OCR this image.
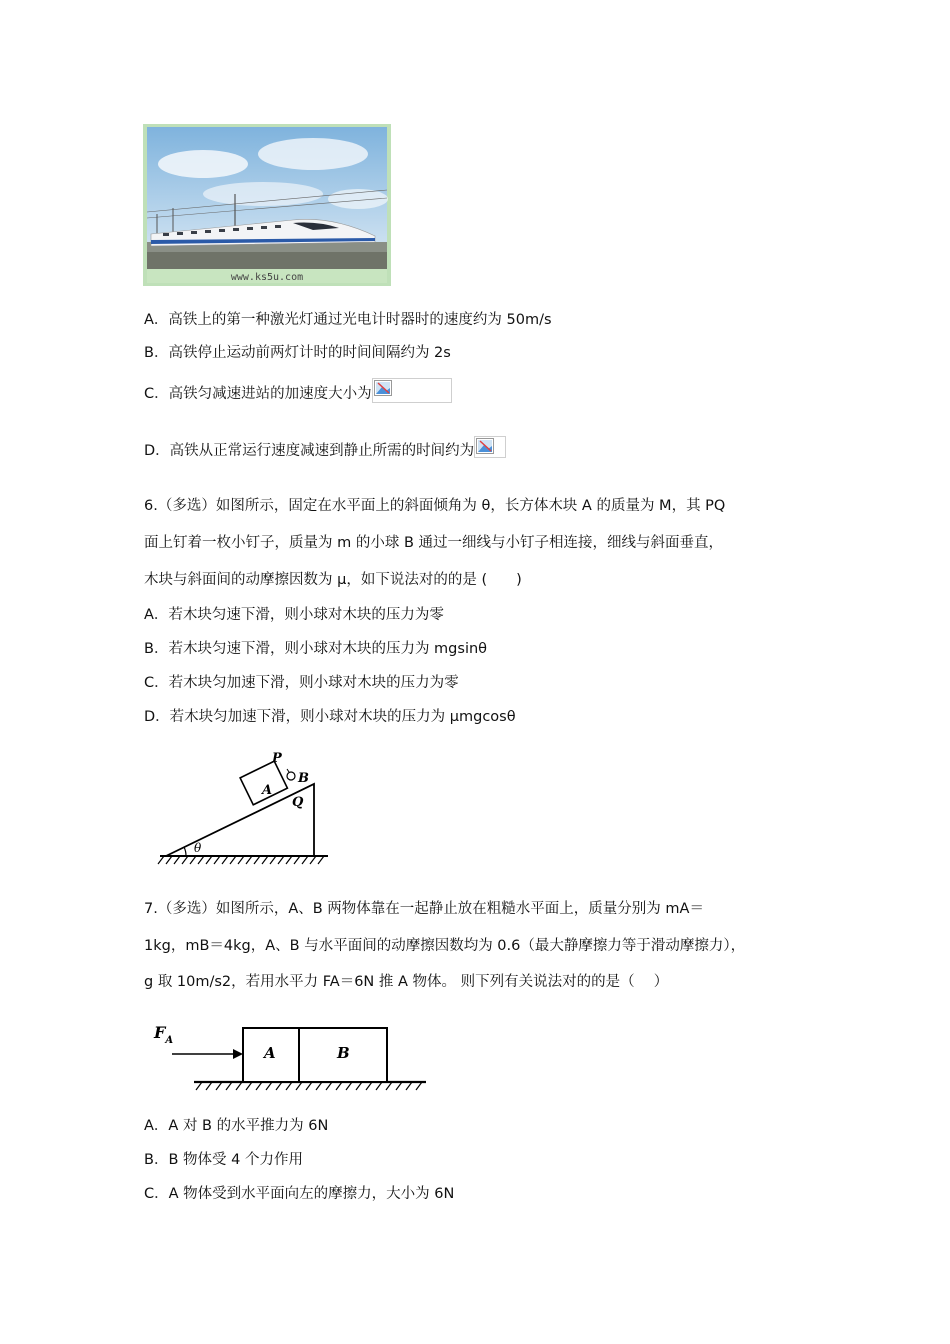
www.ks5u.com
A．高铁上的第一种激光灯通过光电计时器时的速度约为 50m/s
B．高铁停止运动前两灯计时的时间间隔约为 2s
C．高铁匀减速进站的加速度大小为
D．高铁从正常运行速度减速到静止所需的时间约为
6.（多选）如图所示，固定在水平面上的斜面倾角为 θ，长方体木块 A 的质量为 M，其 PQ
面上钉着一枚小钉子，质量为 m 的小球 B 通过一细线与小钉子相连接，细线与斜面垂直，
木块与斜面间的动摩擦因数为 μ，如下说法对的的是 (　　)
A．若木块匀速下滑，则小球对木块的压力为零
B．若木块匀速下滑，则小球对木块的压力为 mgsinθ
C．若木块匀加速下滑，则小球对木块的压力为零
D．若木块匀加速下滑，则小球对木块的压力为 μmgcosθ
θ
P
B
A
Q
7.（多选）如图所示，A、B 两物体靠在一起静止放在粗糙水平面上，质量分别为 mA＝
1kg，mB＝4kg，A、B 与水平面间的动摩擦因数均为 0.6（最大静摩擦力等于滑动摩擦力），
g 取 10m/s2，若用水平力 FA＝6N 推 A 物体。 则下列有关说法对的的是（　 ）
A	B
$F_A$
A．A 对 B 的水平推力为 6N
B．B 物体受 4 个力作用
C．A 物体受到水平面向左的摩擦力，大小为 6N
